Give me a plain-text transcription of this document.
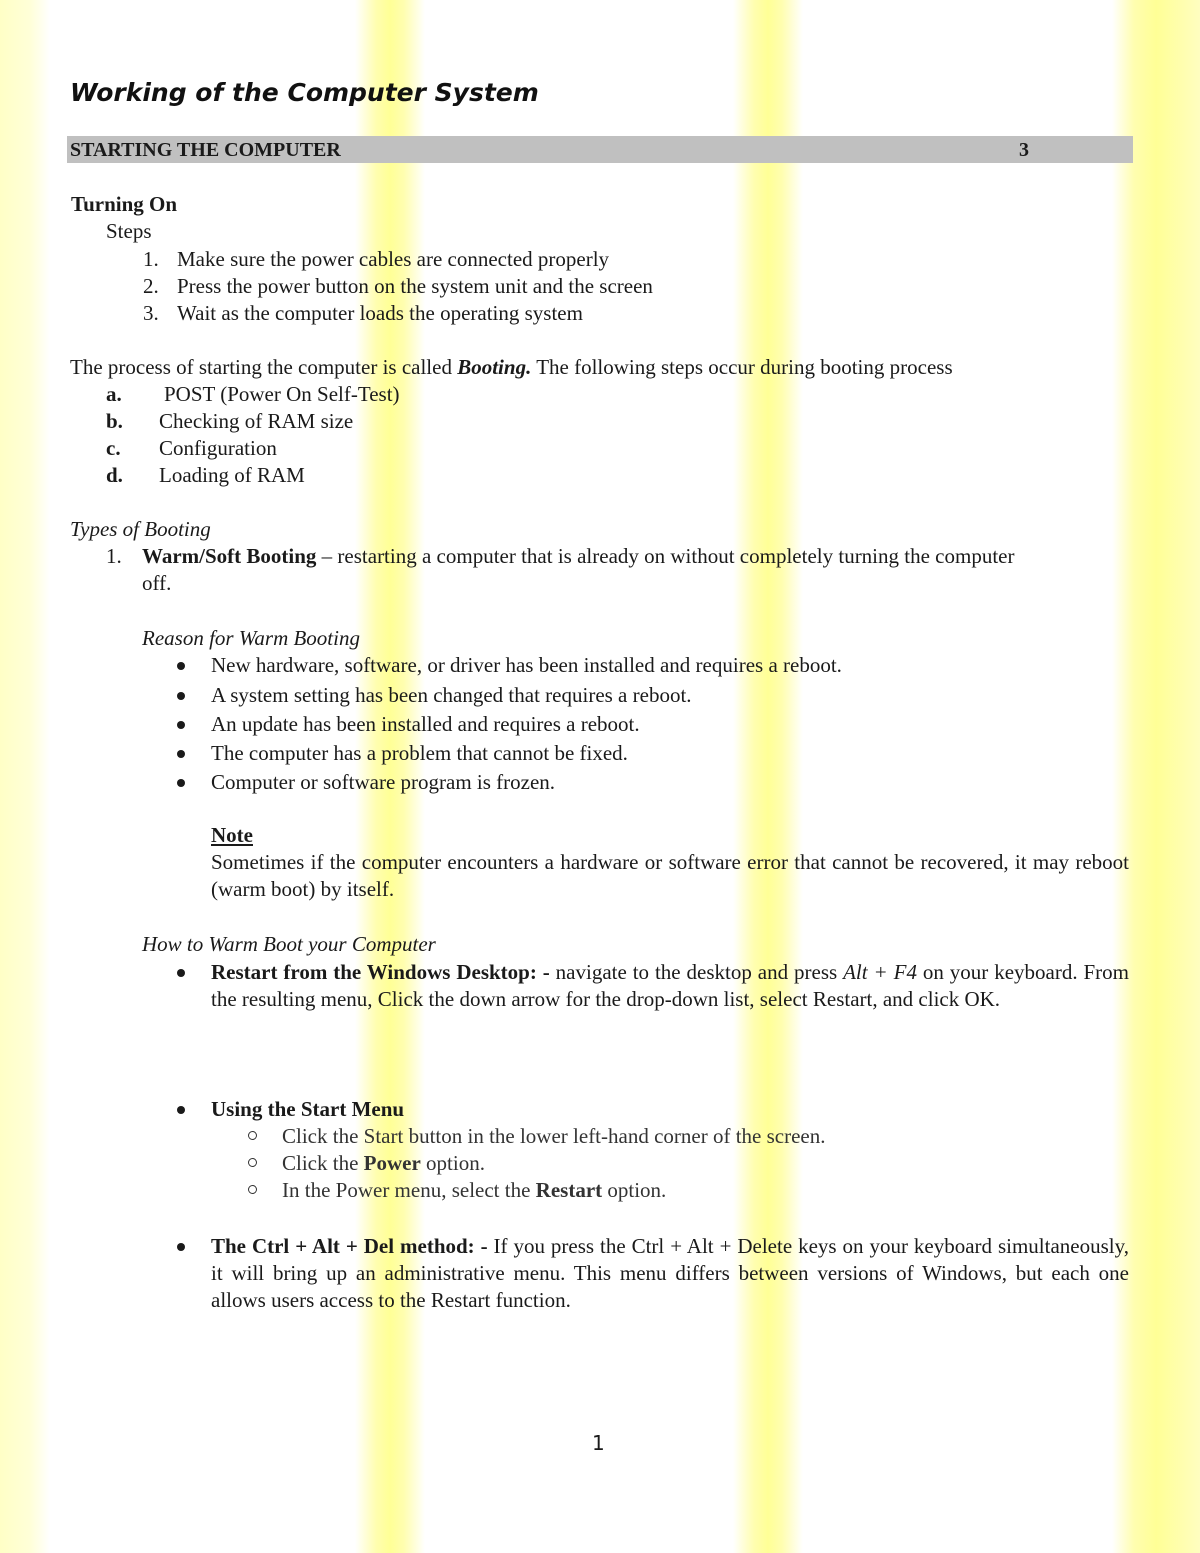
Working of the Computer System
STARTING THE COMPUTER	3
Turning On
Steps
1. Make sure the power cables are connected properly
2. Press the power button on the system unit and the screen
3. Wait as the computer loads the operating system
The process of starting the computer is called Booting. The following steps occur during booting process
a. POST (Power On Self-Test)
b. Checking of RAM size
c. Configuration
d. Loading of RAM
Types of Booting
1. Warm/Soft Booting – restarting a computer that is already on without completely turning the computer
off.
Reason for Warm Booting
New hardware, software, or driver has been installed and requires a reboot.
A system setting has been changed that requires a reboot.
An update has been installed and requires a reboot.
The computer has a problem that cannot be fixed.
Computer or software program is frozen.
Note
Sometimes if the computer encounters a hardware or software error that cannot be recovered, it may reboot (warm boot) by itself.
How to Warm Boot your Computer
Restart from the Windows Desktop: - navigate to the desktop and press Alt + F4 on your keyboard. From the resulting menu, Click the down arrow for the drop-down list, select Restart, and click OK.
Using the Start Menu
Click the Start button in the lower left-hand corner of the screen.
Click the Power option.
In the Power menu, select the Restart option.
The Ctrl + Alt + Del method: - If you press the Ctrl + Alt + Delete keys on your keyboard simultaneously, it will bring up an administrative menu. This menu differs between versions of Windows, but each one allows users access to the Restart function.
1
